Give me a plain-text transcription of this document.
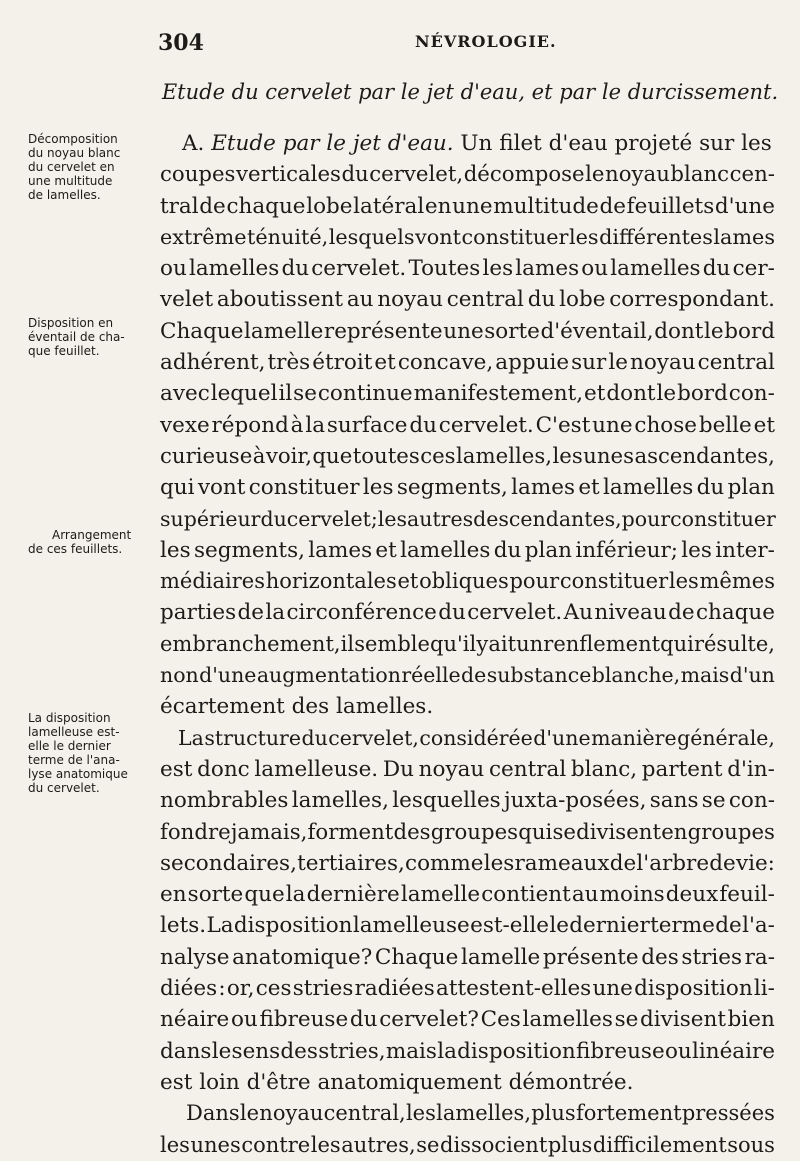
304	NÉVROLOGIE.
Etude du cervelet par le jet d'eau, et par le durcissement.
Décomposition
du noyau blanc
du cervelet en
une multitude
de lamelles.
Disposition en
éventail de cha-
que feuillet.
Arrangement
de ces feuillets.
La disposition
lamelleuse est-
elle le dernier
terme de l'ana-
lyse anatomique
du cervelet.
A. Etude par le jet d'eau. Un filet d'eau projeté sur les
coupes verticales du cervelet, décompose le noyau blanc cen-
tral de chaque lobe latéral en une multitude de feuillets d'une
extrême ténuité, lesquels vont constituer les différentes lames
ou lamelles du cervelet. Toutes les lames ou lamelles du cer-
velet aboutissent au noyau central du lobe correspondant.
Chaque lamelle représente une sorte d'éventail, dont le bord
adhérent, très étroit et concave, appuie sur le noyau central
avec lequel il se continue manifestement, et dont le bord con-
vexe répond à la surface du cervelet. C'est une chose belle et
curieuse à voir, que toutes ces lamelles, les unes ascendantes,
qui vont constituer les segments, lames et lamelles du plan
supérieur du cervelet; les autres descendantes, pour constituer
les segments, lames et lamelles du plan inférieur; les inter-
médiaires horizontales et obliques pour constituer les mêmes
parties de la circonférence du cervelet. Au niveau de chaque
embranchement, il semble qu'il y ait un renflement qui résulte,
non d'une augmentation réelle de substance blanche, mais d'un
écartement des lamelles.
La structure du cervelet, considérée d'une manière générale,
est donc lamelleuse. Du noyau central blanc, partent d'in-
nombrables lamelles, lesquelles juxta-posées, sans se con-
fondre jamais, forment des groupes qui se divisent en groupes
secondaires, tertiaires, comme les rameaux de l'arbre de vie:
en sorte que la dernière lamelle contient au moins deux feuil-
lets. La disposition lamelleuse est-elle le dernier terme de l'a-
nalyse anatomique? Chaque lamelle présente des stries ra-
diées : or, ces stries radiées attestent-elles une disposition li-
néaire ou fibreuse du cervelet? Ces lamelles se divisent bien
dans le sens des stries, mais la disposition fibreuse ou linéaire
est loin d'être anatomiquement démontrée.
Dans le noyau central, les lamelles, plus fortement pressées
les unes contre les autres, se dissocient plus difficilement sous
